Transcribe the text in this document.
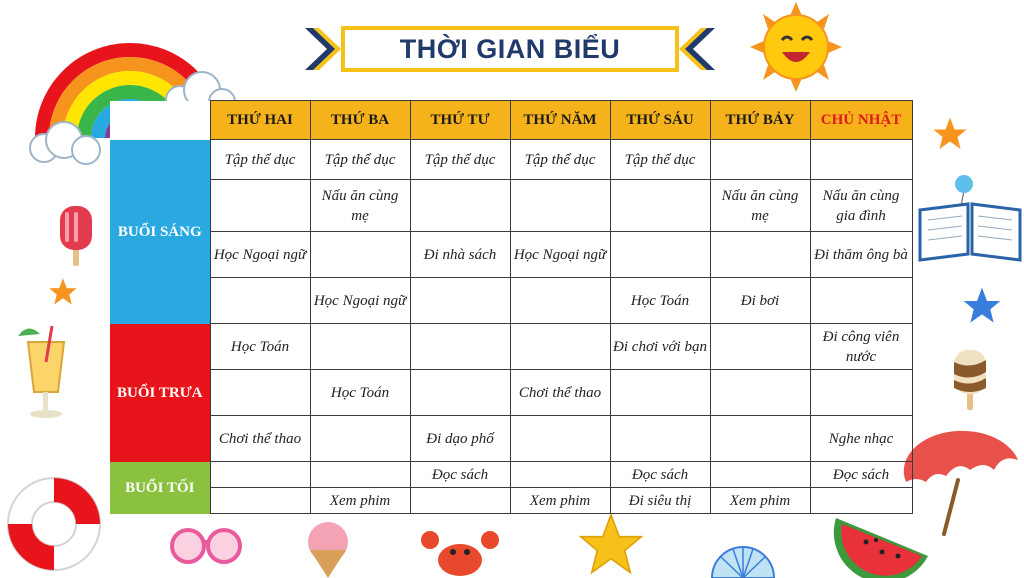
THỜI GIAN BIỂU
	THỨ HAI	THỨ BA	THỨ TƯ	THỨ NĂM	THỨ SÁU	THỨ BẢY	CHỦ NHẬT
BUỔI SÁNG	Tập thể dục	Tập thể dục	Tập thể dục	Tập thể dục	Tập thể dục		
		Nấu ăn cùng mẹ				Nấu ăn cùng mẹ	Nấu ăn cùng gia đình
	Học Ngoại ngữ		Đi nhà sách	Học Ngoại ngữ			Đi thăm ông bà
		Học Ngoại ngữ			Học Toán	Đi bơi	
BUỔI TRƯA	Học Toán				Đi chơi với bạn		Đi công viên nước
		Học Toán		Chơi thể thao			
	Chơi thể thao		Đi dạo phố				Nghe nhạc
BUỔI TỐI			Đọc sách		Đọc sách		Đọc sách
		Xem phim		Xem phim	Đi siêu thị	Xem phim	
